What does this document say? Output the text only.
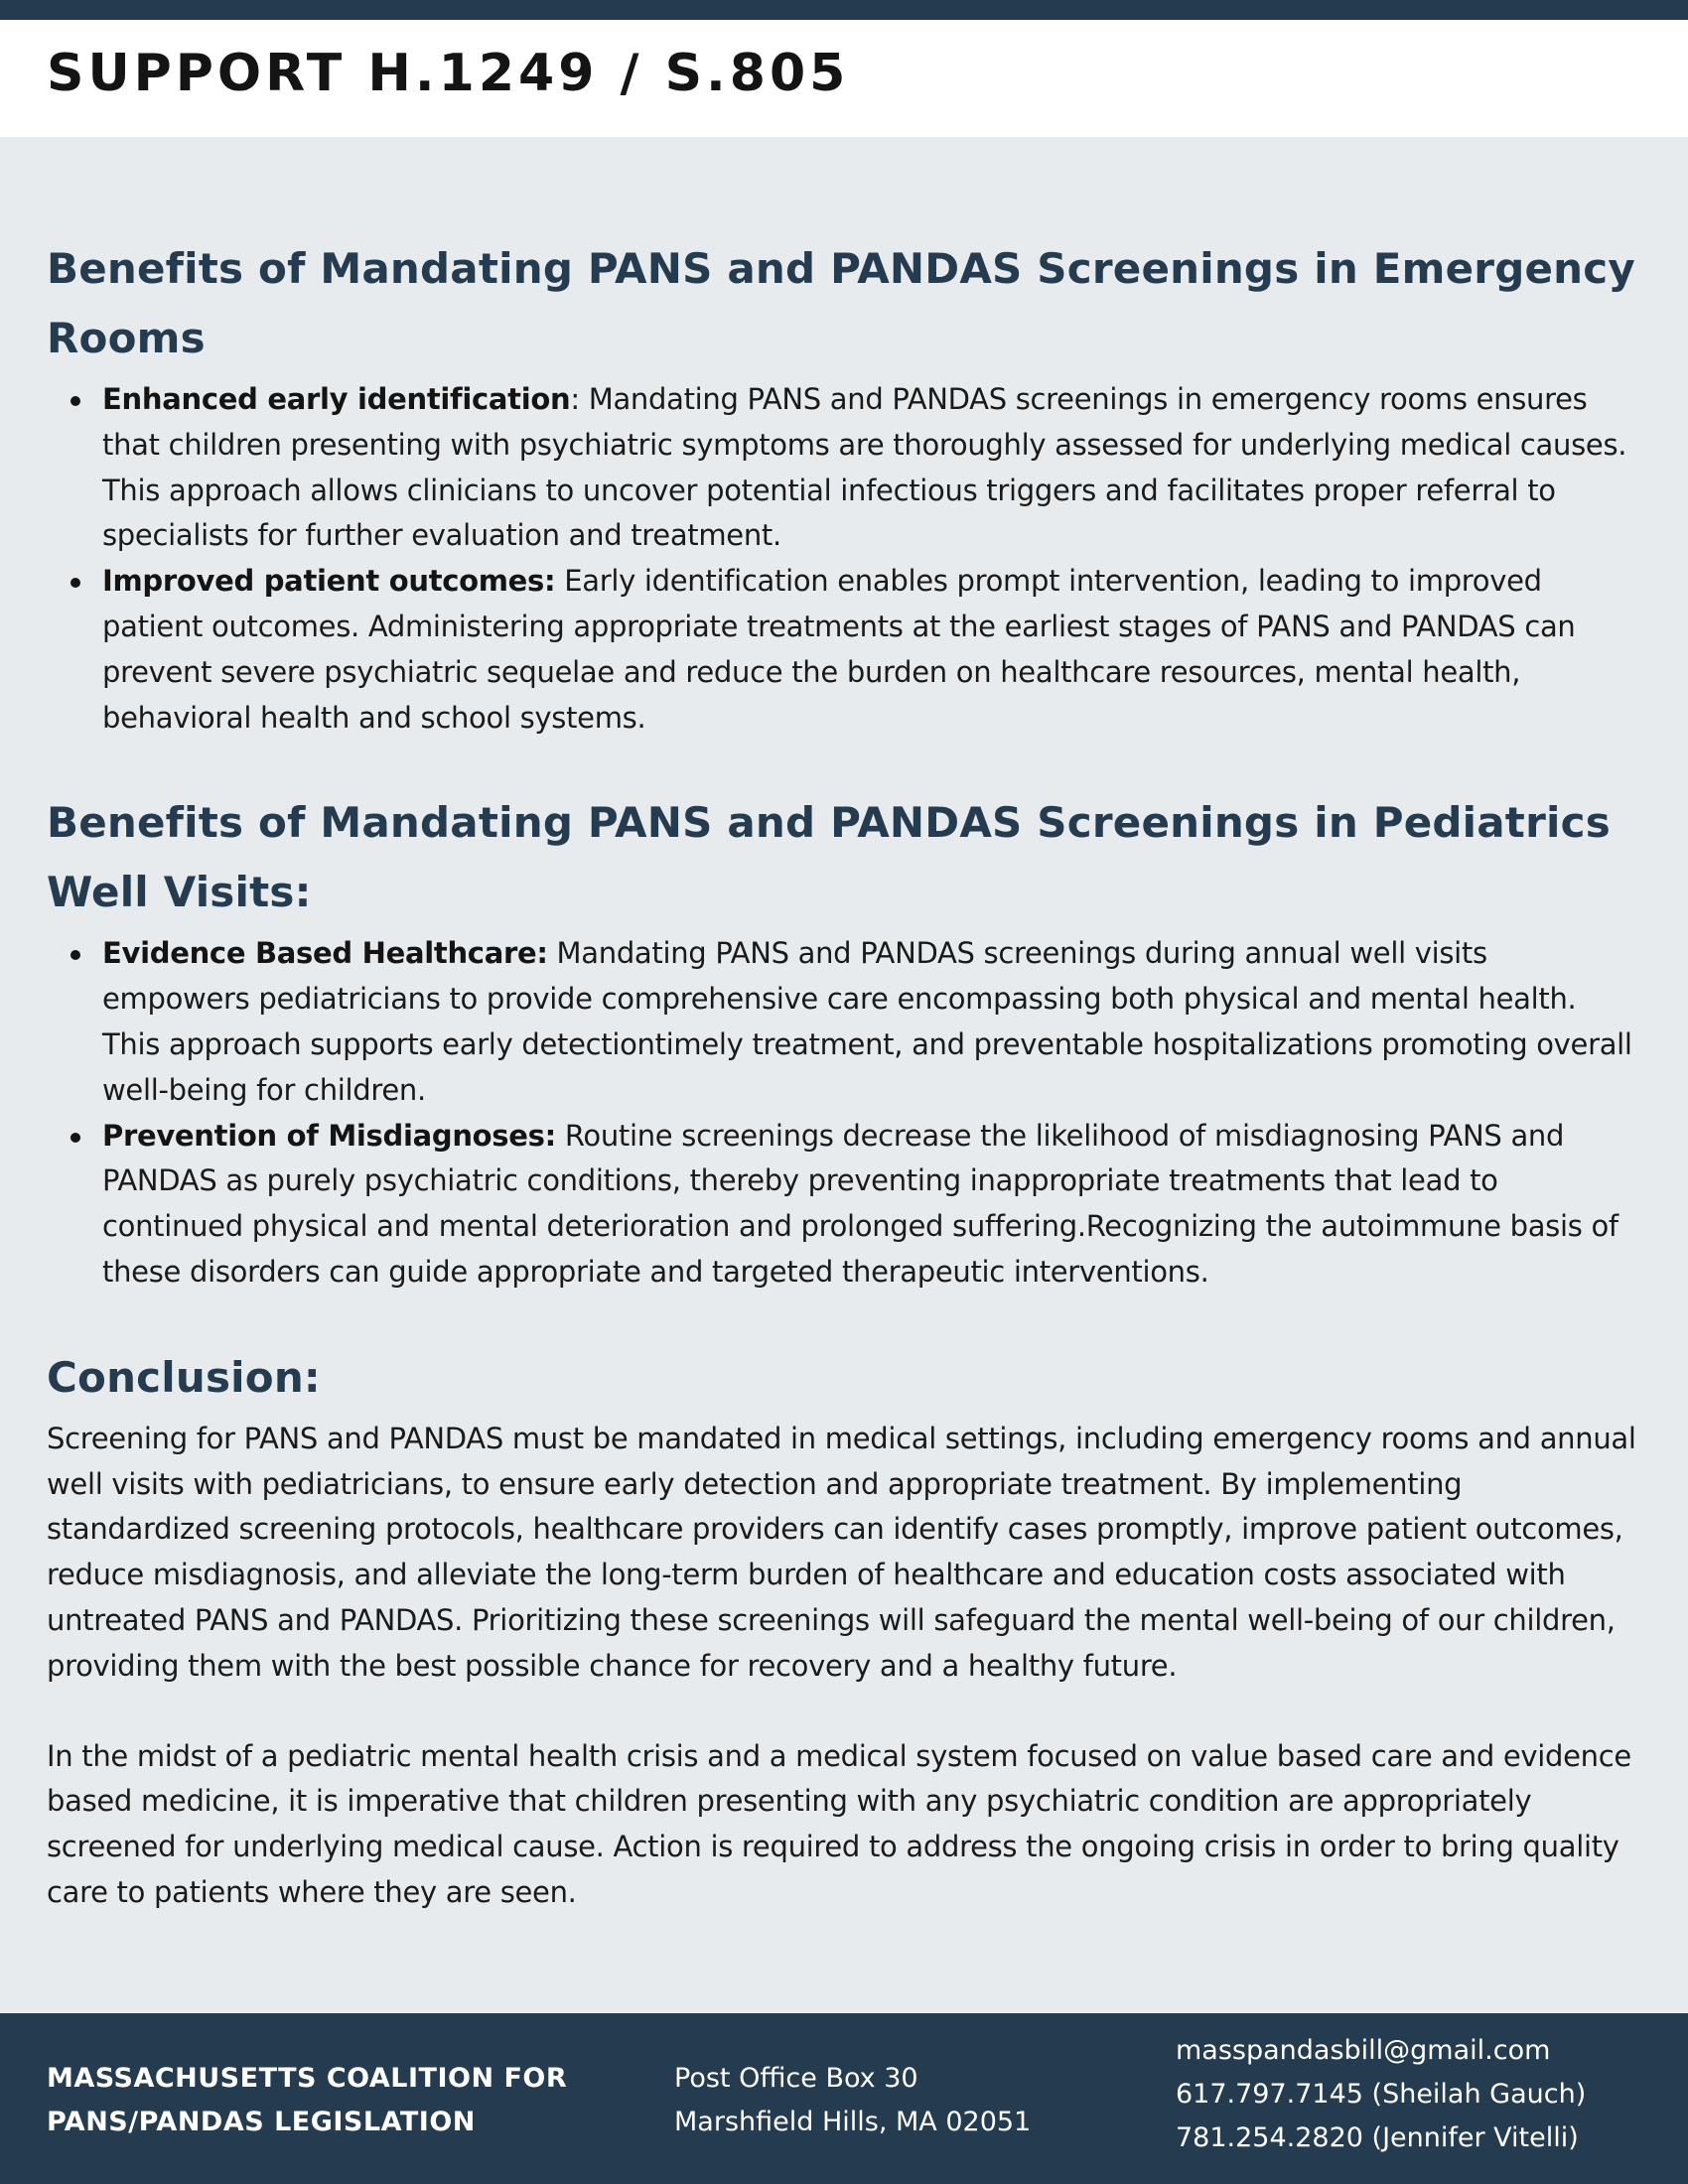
SUPPORT H.1249 / S.805
Benefits of Mandating PANS and PANDAS Screenings in Emergency Rooms
Enhanced early identification: Mandating PANS and PANDAS screenings in emergency rooms ensures that children presenting with psychiatric symptoms are thoroughly assessed for underlying medical causes. This approach allows clinicians to uncover potential infectious triggers and facilitates proper referral to specialists for further evaluation and treatment.
Improved patient outcomes: Early identification enables prompt intervention, leading to improved patient outcomes. Administering appropriate treatments at the earliest stages of PANS and PANDAS can prevent severe psychiatric sequelae and reduce the burden on healthcare resources, mental health, behavioral health and school systems.
Benefits of Mandating PANS and PANDAS Screenings in Pediatrics Well Visits:
Evidence Based Healthcare: Mandating PANS and PANDAS screenings during annual well visits empowers pediatricians to provide comprehensive care encompassing both physical and mental health. This approach supports early detectiontimely treatment, and preventable hospitalizations promoting overall well-being for children.
Prevention of Misdiagnoses: Routine screenings decrease the likelihood of misdiagnosing PANS and PANDAS as purely psychiatric conditions, thereby preventing inappropriate treatments that lead to continued physical and mental deterioration and prolonged suffering.Recognizing the autoimmune basis of these disorders can guide appropriate and targeted therapeutic interventions.
Conclusion:

Screening for PANS and PANDAS must be mandated in medical settings, including emergency rooms and annual well visits with pediatricians, to ensure early detection and appropriate treatment. By implementing standardized screening protocols, healthcare providers can identify cases promptly, improve patient outcomes, reduce misdiagnosis, and alleviate the long-term burden of healthcare and education costs associated with untreated PANS and PANDAS. Prioritizing these screenings will safeguard the mental well-being of our children, providing them with the best possible chance for recovery and a healthy future.

In the midst of a pediatric mental health crisis and a medical system focused on value based care and evidence based medicine, it is imperative that children presenting with any psychiatric condition are appropriately screened for underlying medical cause. Action is required to address the ongoing crisis in order to bring quality care to patients where they are seen.

MASSACHUSETTS COALITION FOR
PANS/PANDAS LEGISLATION
Post Office Box 30
Marshfield Hills, MA 02051
masspandasbill@gmail.com
617.797.7145 (Sheilah Gauch)
781.254.2820 (Jennifer Vitelli)
